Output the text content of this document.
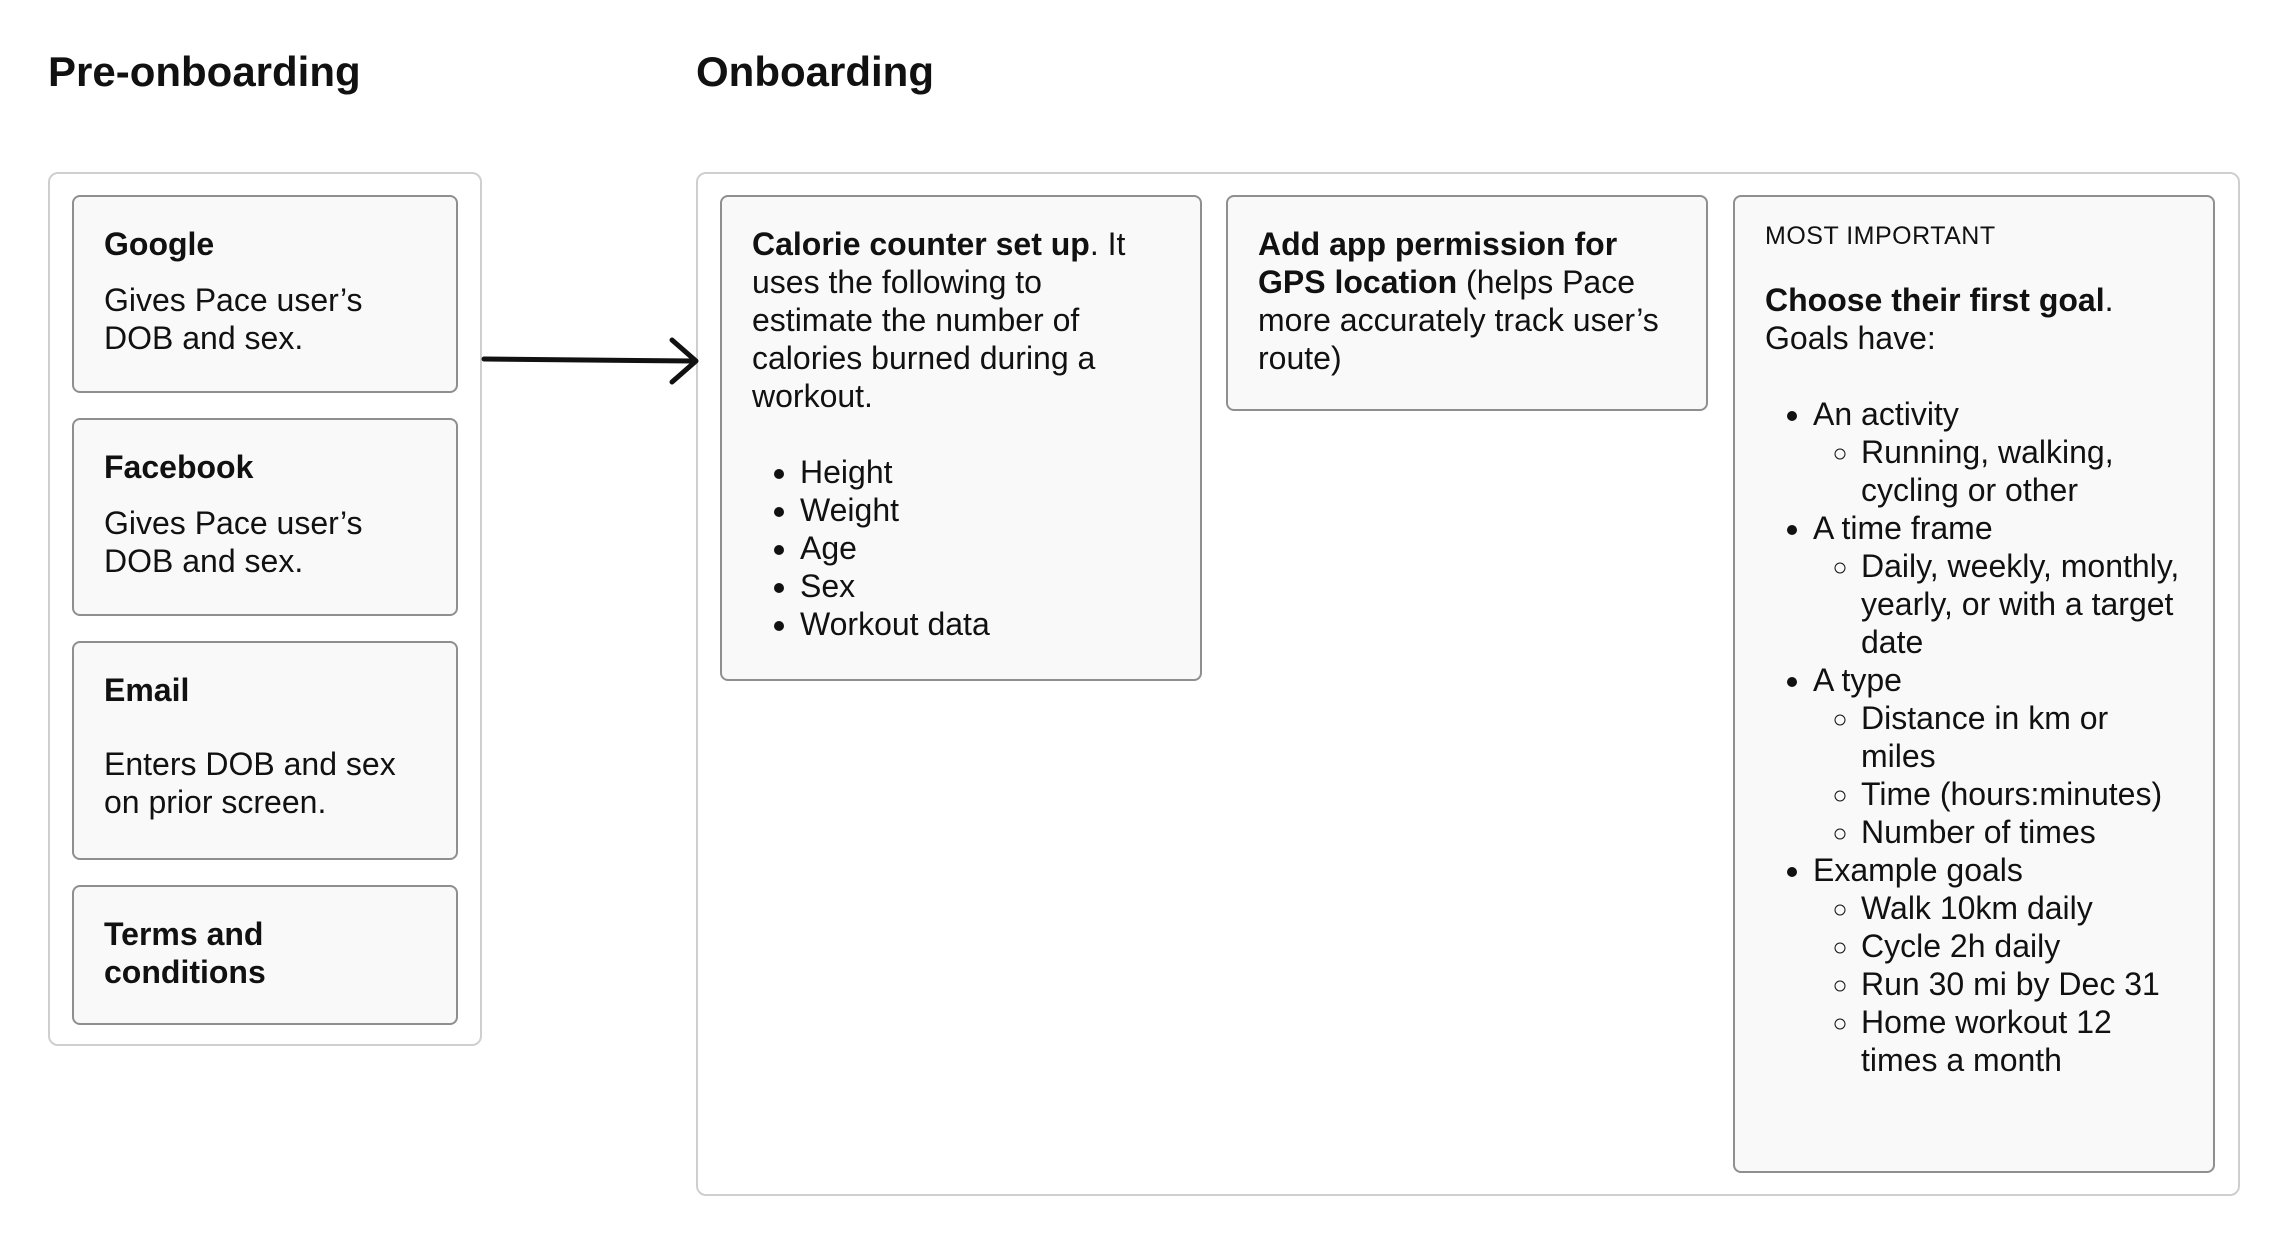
Pre-onboarding	Onboarding

Google

Gives Pace user’s DOB and sex.

Facebook

Gives Pace user’s DOB and sex.

Email

Enters DOB and sex on prior screen.

Terms and conditions

Calorie counter set up. It uses the following to estimate the number of calories burned during a workout.

• Height
• Weight
• Age
• Sex
• Workout data

Add app permission for GPS location (helps Pace more accurately track user’s route)

MOST IMPORTANT

Choose their first goal.

Goals have:

• An activity
◦ Running, walking, cycling or other
• A time frame
◦ Daily, weekly, monthly, yearly, or with a target date
• A type
◦ Distance in km or miles
◦ Time (hours:minutes)
◦ Number of times
• Example goals
◦ Walk 10km daily
◦ Cycle 2h daily
◦ Run 30 mi by Dec 31
◦ Home workout 12 times a month
